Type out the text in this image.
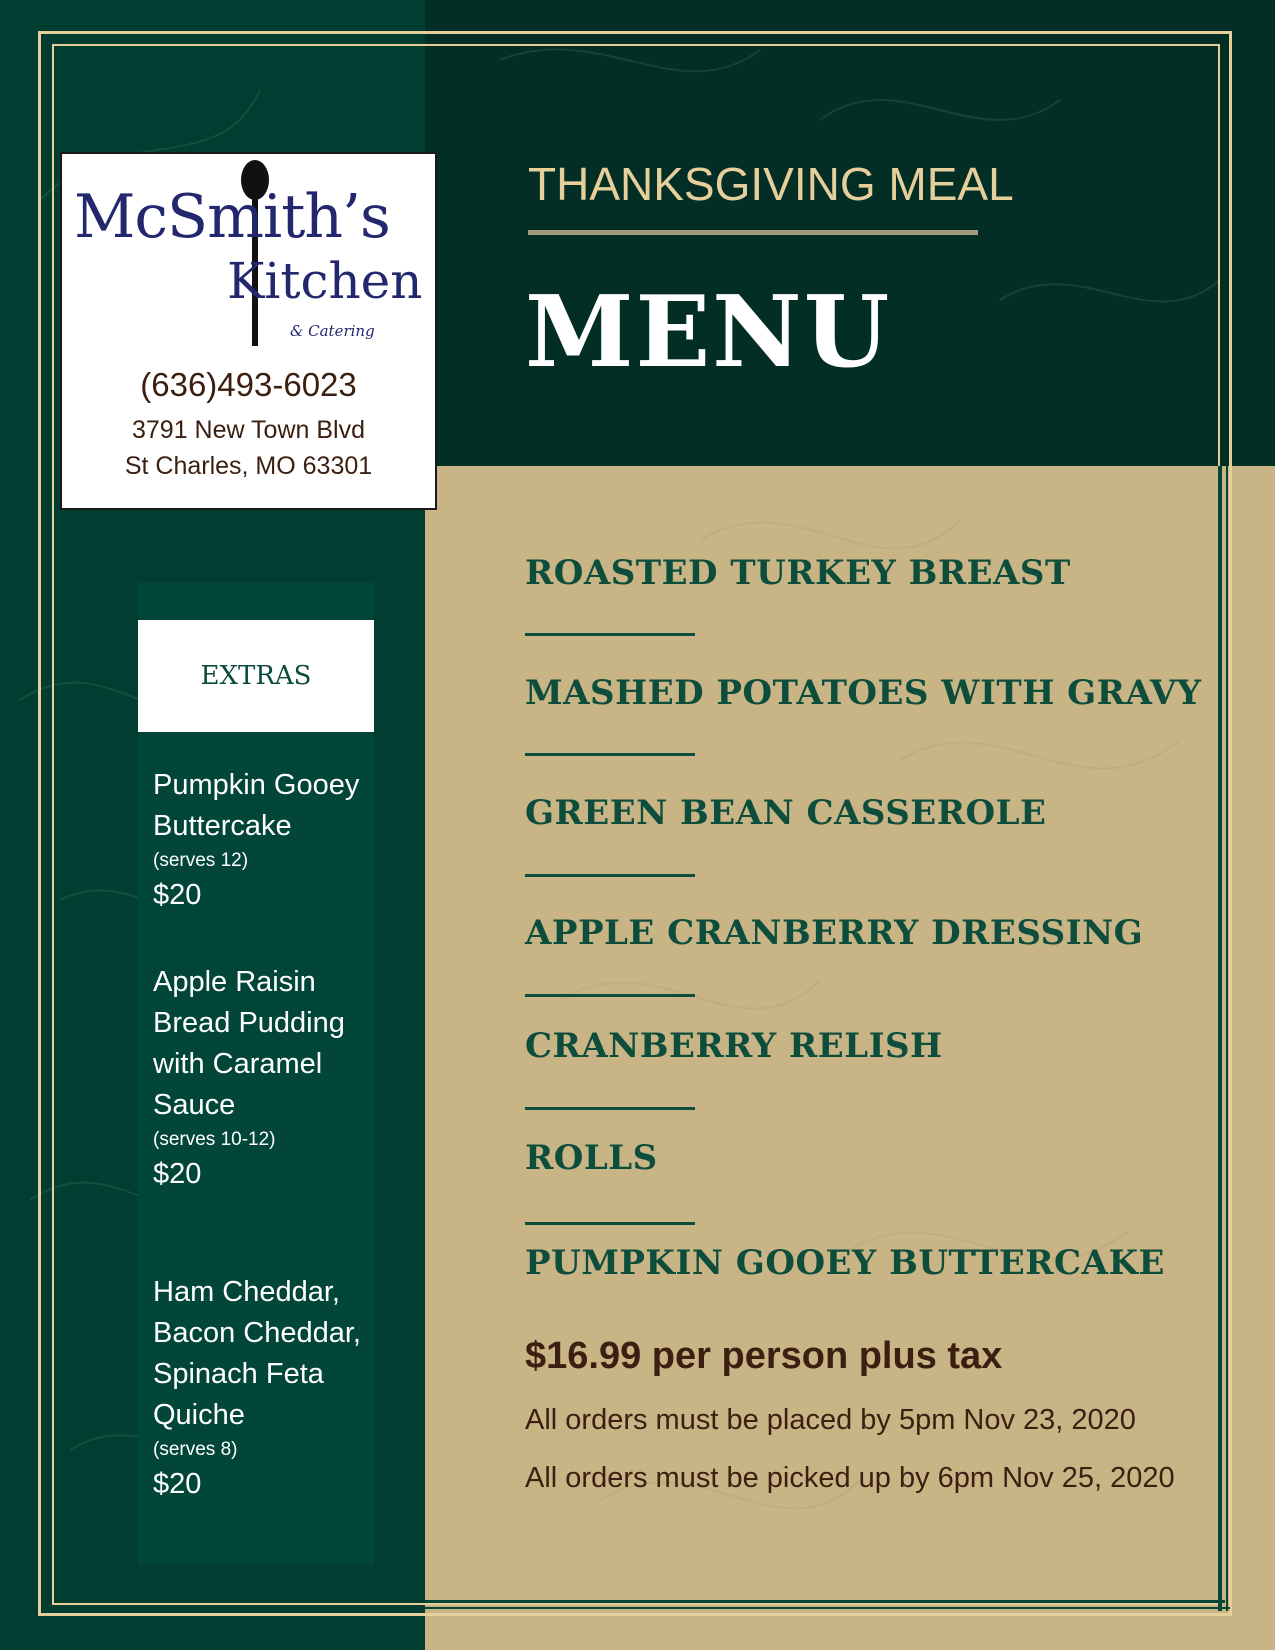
McSmith’s
Kitchen
& Catering
(636)493-6023
3791 New Town Blvd
St Charles, MO 63301
THANKSGIVING MEAL
MENU
EXTRAS
Pumpkin Gooey Buttercake
(serves 12)
$20
Apple Raisin Bread Pudding with Caramel Sauce
(serves 10-12)
$20
Ham Cheddar, Bacon Cheddar, Spinach Feta Quiche
(serves 8)
$20
ROASTED TURKEY BREAST
MASHED POTATOES WITH GRAVY
GREEN BEAN CASSEROLE
APPLE CRANBERRY DRESSING
CRANBERRY RELISH
ROLLS
PUMPKIN GOOEY BUTTERCAKE
$16.99 per person plus tax
All orders must be placed by 5pm Nov 23, 2020
All orders must be picked up by 6pm Nov 25, 2020
